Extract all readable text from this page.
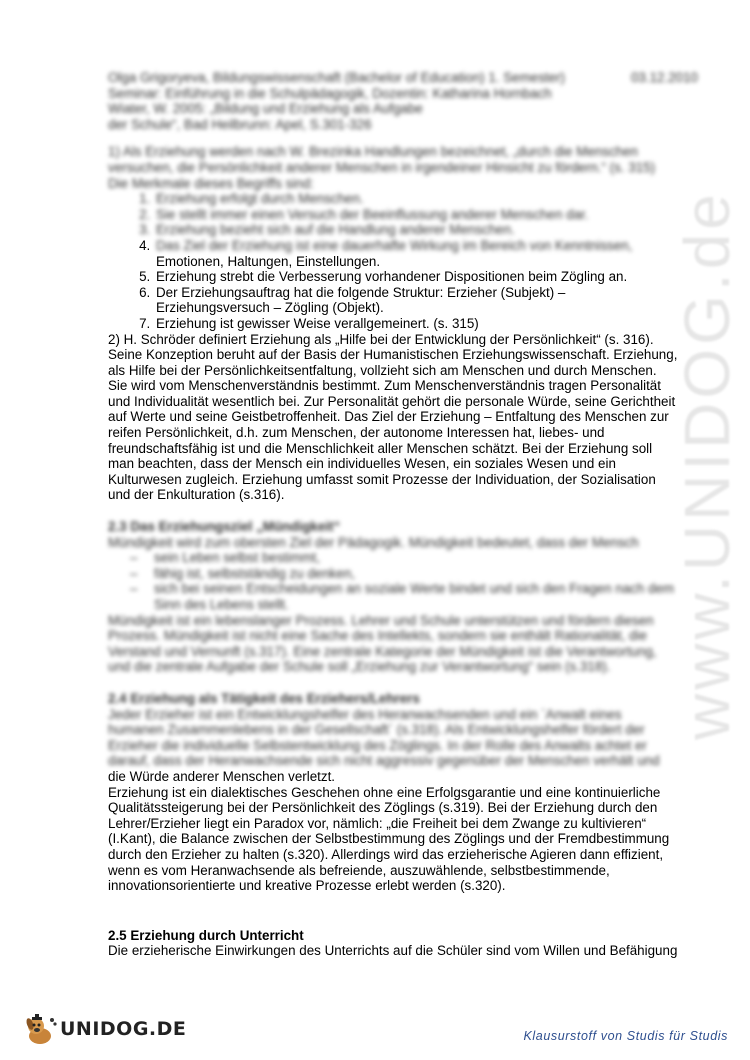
www.UNIDOG.de
Olga Grigoryeva, Bildungswissenschaft (Bachelor of Education) 1. Semester)	03.12.2010
Seminar: Einführung in die Schulpädagogik, Dozentin: Katharina Hornbach
Wiater, W. 2005: „Bildung und Erziehung als Aufgabe
der Schule“, Bad Heilbrunn: Apel, S.301-326
1) Als Erziehung werden nach W. Brezinka Handlungen bezeichnet, „durch die Menschen
versuchen, die Persönlichkeit anderer Menschen in irgendeiner Hinsicht zu fördern.“ (s. 315)
Die Merkmale dieses Begriffs sind:
1. Erziehung erfolgt durch Menschen.
2. Sie stellt immer einen Versuch der Beeinflussung anderer Menschen dar.
3. Erziehung bezieht sich auf die Handlung anderer Menschen.
4. Das Ziel der Erziehung ist eine dauerhafte Wirkung im Bereich von Kenntnissen,
Emotionen, Haltungen, Einstellungen.
5. Erziehung strebt die Verbesserung vorhandener Dispositionen beim Zögling an.
6. Der Erziehungsauftrag hat die folgende Struktur: Erzieher (Subjekt) –
Erziehungsversuch – Zögling (Objekt).
7. Erziehung ist gewisser Weise verallgemeinert. (s. 315)
2) H. Schröder definiert Erziehung als „Hilfe bei der Entwicklung der Persönlichkeit“ (s. 316).
Seine Konzeption beruht auf der Basis der Humanistischen Erziehungswissenschaft. Erziehung,
als Hilfe bei der Persönlichkeitsentfaltung, vollzieht sich am Menschen und durch Menschen.
Sie wird vom Menschenverständnis bestimmt. Zum Menschenverständnis tragen Personalität
und Individualität wesentlich bei. Zur Personalität gehört die personale Würde, seine Gerichtheit
auf Werte und seine Geistbetroffenheit. Das Ziel der Erziehung – Entfaltung des Menschen zur
reifen Persönlichkeit, d.h. zum Menschen, der autonome Interessen hat, liebes- und
freundschaftsfähig ist und die Menschlichkeit aller Menschen schätzt. Bei der Erziehung soll
man beachten, dass der Mensch ein individuelles Wesen, ein soziales Wesen und ein
Kulturwesen zugleich. Erziehung umfasst somit Prozesse der Individuation, der Sozialisation
und der Enkulturation (s.316).
2.3 Das Erziehungsziel „Mündigkeit“
Mündigkeit wird zum obersten Ziel der Pädagogik. Mündigkeit bedeutet, dass der Mensch
– sein Leben selbst bestimmt,
– fähig ist, selbstständig zu denken,
– sich bei seinen Entscheidungen an soziale Werte bindet und sich den Fragen nach dem
Sinn des Lebens stellt.
Mündigkeit ist ein lebenslanger Prozess. Lehrer und Schule unterstützen und fördern diesen
Prozess. Mündigkeit ist nicht eine Sache des Intellekts, sondern sie enthält Rationalität, die
Verstand und Vernunft (s.317). Eine zentrale Kategorie der Mündigkeit ist die Verantwortung,
und die zentrale Aufgabe der Schule soll „Erziehung zur Verantwortung“ sein (s.318).
2.4 Erziehung als Tätigkeit des Erziehers/Lehrers
Jeder Erzieher ist ein Entwicklungshelfer des Heranwachsenden und ein `Anwalt eines
humanen Zusammenlebens in der Gesellschaft` (s.318). Als Entwicklungshelfer fördert der
Erzieher die individuelle Selbstentwicklung des Zöglings. In der Rolle des Anwalts achtet er
darauf, dass der Heranwachsende sich nicht aggressiv gegenüber der Menschen verhält und
die Würde anderer Menschen verletzt.
Erziehung ist ein dialektisches Geschehen ohne eine Erfolgsgarantie und eine kontinuierliche
Qualitätssteigerung bei der Persönlichkeit des Zöglings (s.319). Bei der Erziehung durch den
Lehrer/Erzieher liegt ein Paradox vor, nämlich: „die Freiheit bei dem Zwange zu kultivieren“
(I.Kant), die Balance zwischen der Selbstbestimmung des Zöglings und der Fremdbestimmung
durch den Erzieher zu halten (s.320). Allerdings wird das erzieherische Agieren dann effizient,
wenn es vom Heranwachsende als befreiende, auszuwählende, selbstbestimmende,
innovationsorientierte und kreative Prozesse erlebt werden (s.320).
2.5 Erziehung durch Unterricht
Die erzieherische Einwirkungen des Unterrichts auf die Schüler sind vom Willen und Befähigung
UNIDOG.DE	Klausurstoff von Studis für Studis
